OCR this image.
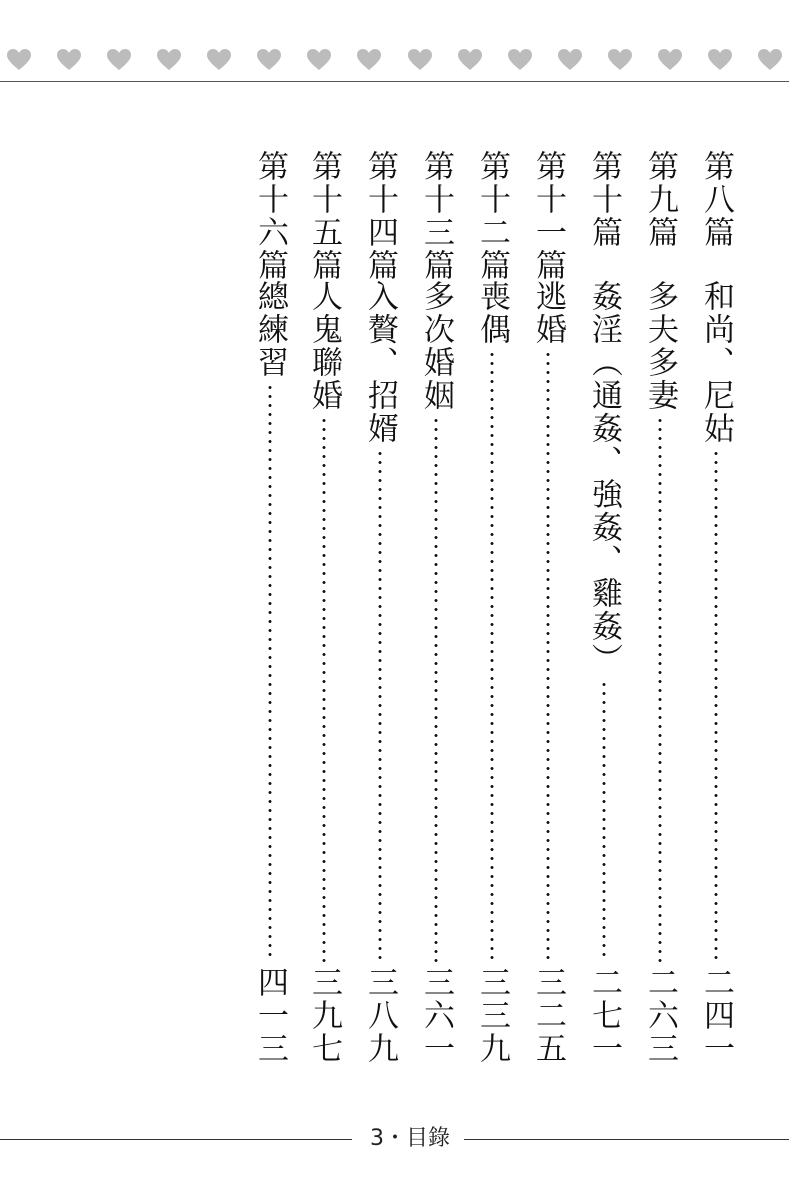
第八篇
和尚、尼姑
二四一
第九篇
多夫多妻
二六三
第十篇
姦淫（通姦、強姦、雞姦）
二七一
第十一篇
逃婚
三二五
第十二篇
喪偶
三三九
第十三篇
多次婚姻
三六一
第十四篇
入贅、招婿
三八九
第十五篇
人鬼聯婚
三九七
第十六篇
總練習
四一三
3・目錄
